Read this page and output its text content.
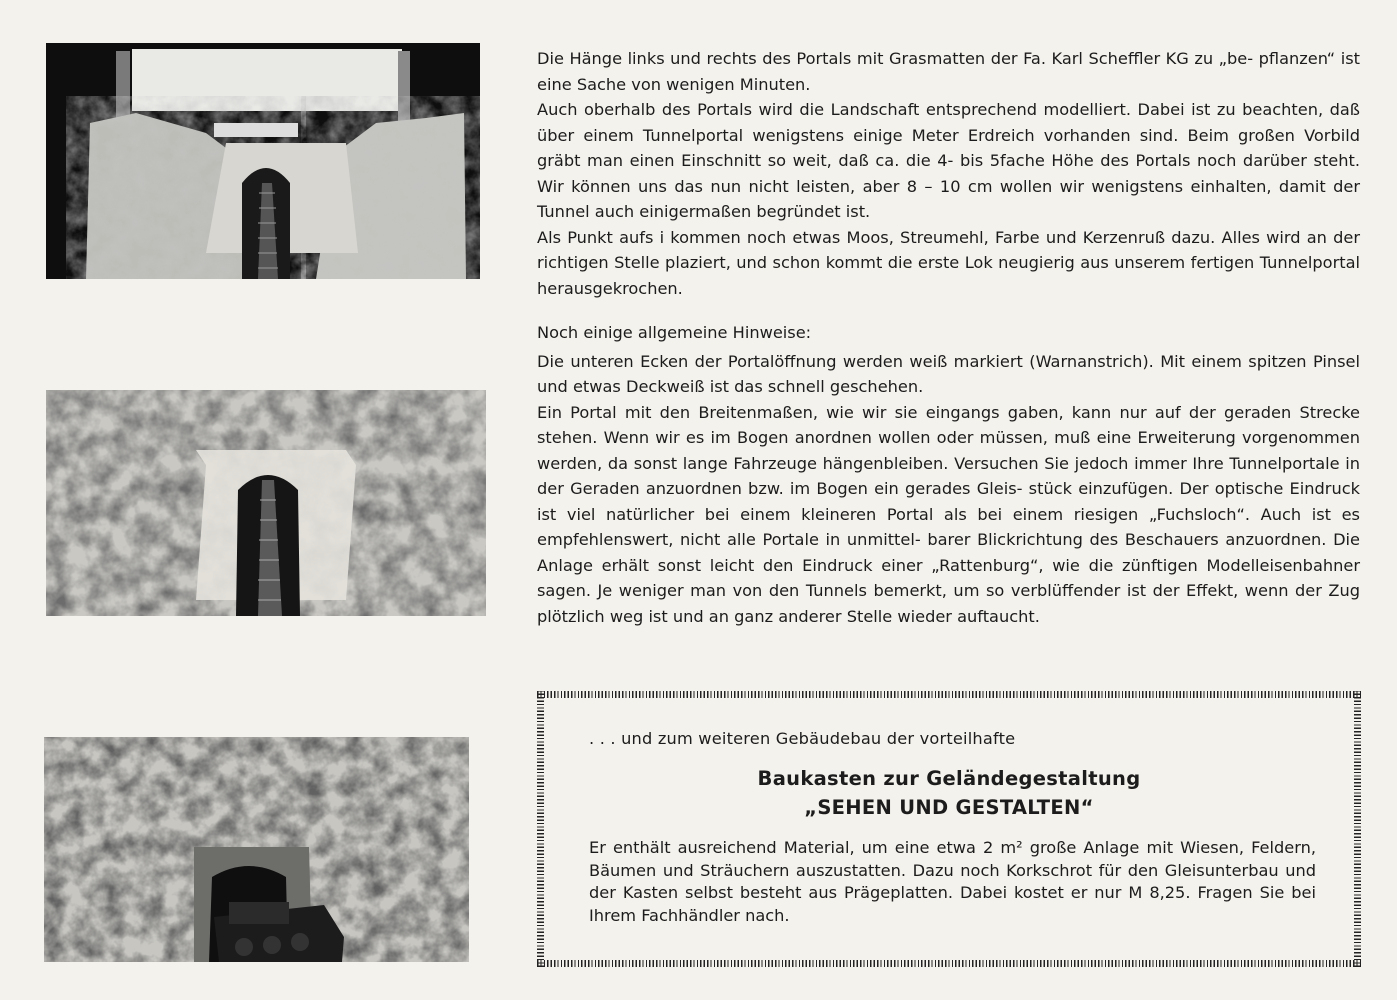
Die Hänge links und rechts des Portals mit Grasmatten der Fa. Karl Scheffler KG zu „be- pflanzen“ ist eine Sache von wenigen Minuten.

Auch oberhalb des Portals wird die Landschaft entsprechend modelliert. Dabei ist zu beachten, daß über einem Tunnelportal wenigstens einige Meter Erdreich vorhanden sind. Beim großen Vorbild gräbt man einen Einschnitt so weit, daß ca. die 4- bis 5fache Höhe des Portals noch darüber steht. Wir können uns das nun nicht leisten, aber 8 – 10 cm wollen wir wenigstens einhalten, damit der Tunnel auch einigermaßen begründet ist.

Als Punkt aufs i kommen noch etwas Moos, Streumehl, Farbe und Kerzenruß dazu. Alles wird an der richtigen Stelle plaziert, und schon kommt die erste Lok neugierig aus unserem fertigen Tunnelportal herausgekrochen.

Noch einige allgemeine Hinweise:

Die unteren Ecken der Portalöffnung werden weiß markiert (Warnanstrich). Mit einem spitzen Pinsel und etwas Deckweiß ist das schnell geschehen.

Ein Portal mit den Breitenmaßen, wie wir sie eingangs gaben, kann nur auf der geraden Strecke stehen. Wenn wir es im Bogen anordnen wollen oder müssen, muß eine Erweiterung vorgenommen werden, da sonst lange Fahrzeuge hängenbleiben. Versuchen Sie jedoch immer Ihre Tunnelportale in der Geraden anzuordnen bzw. im Bogen ein gerades Gleis- stück einzufügen. Der optische Eindruck ist viel natürlicher bei einem kleineren Portal als bei einem riesigen „Fuchsloch“. Auch ist es empfehlenswert, nicht alle Portale in unmittel- barer Blickrichtung des Beschauers anzuordnen. Die Anlage erhält sonst leicht den Eindruck einer „Rattenburg“, wie die zünftigen Modelleisenbahner sagen. Je weniger man von den Tunnels bemerkt, um so verblüffender ist der Effekt, wenn der Zug plötzlich weg ist und an ganz anderer Stelle wieder auftaucht.

. . . und zum weiteren Gebäudebau der vorteilhafte
Baukasten zur Geländegestaltung
„SEHEN UND GESTALTEN“
Er enthält ausreichend Material, um eine etwa 2 m² große Anlage mit Wiesen, Feldern, Bäumen und Sträuchern auszustatten. Dazu noch Korkschrot für den Gleisunterbau und der Kasten selbst besteht aus Prägeplatten. Dabei kostet er nur M 8,25. Fragen Sie bei Ihrem Fachhändler nach.
